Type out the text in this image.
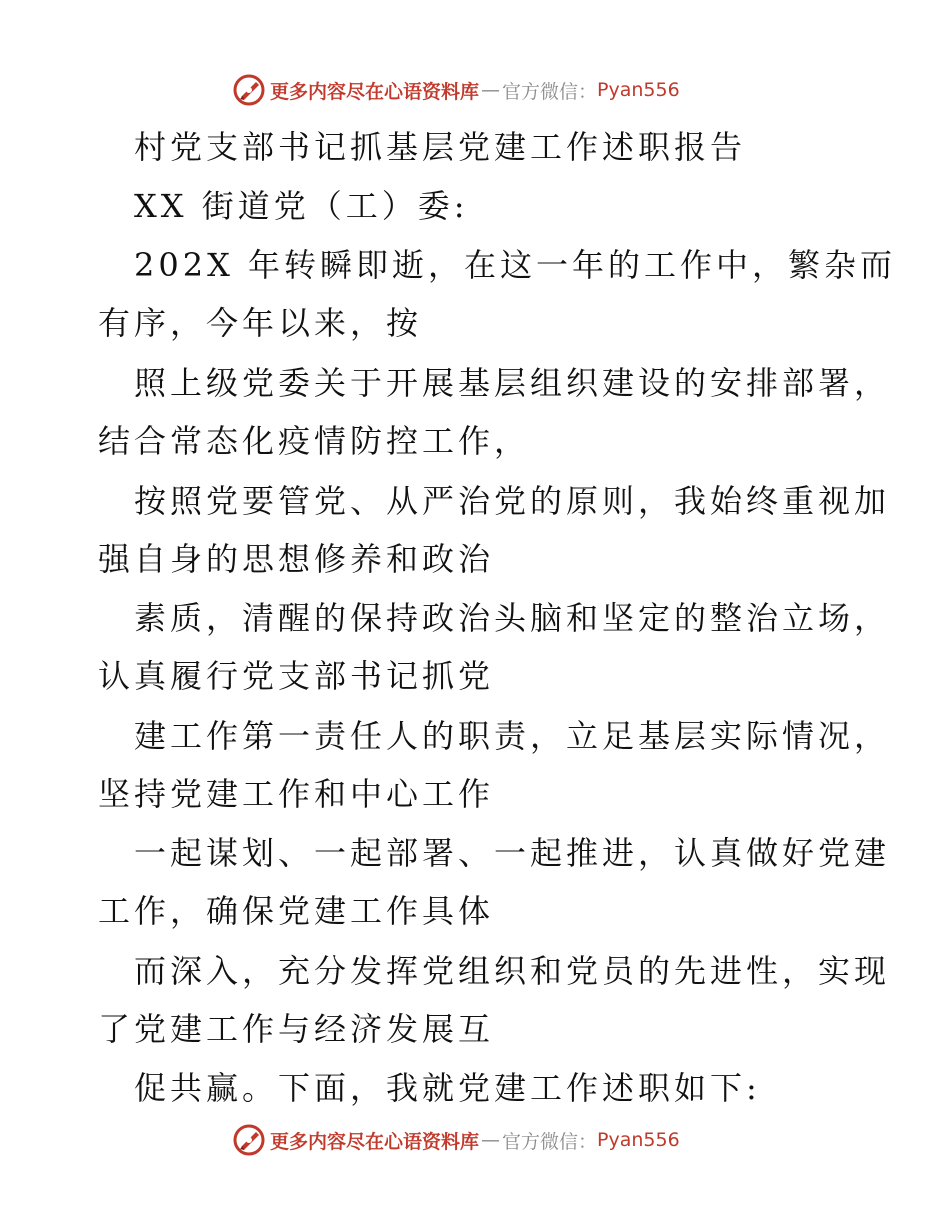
更多内容尽在心语资料库 — 官方微信： Pyan556
村党支部书记抓基层党建工作述职报告
XX 街道党（工）委:
202X 年转瞬即逝，在这一年的工作中，繁杂而
有序，今年以来，按
照上级党委关于开展基层组织建设的安排部署，
结合常态化疫情防控工作，
按照党要管党、从严治党的原则，我始终重视加
强自身的思想修养和政治
素质，清醒的保持政治头脑和坚定的整治立场，
认真履行党支部书记抓党
建工作第一责任人的职责，立足基层实际情况，
坚持党建工作和中心工作
一起谋划、一起部署、一起推进，认真做好党建
工作，确保党建工作具体
而深入，充分发挥党组织和党员的先进性，实现
了党建工作与经济发展互
促共赢。下面，我就党建工作述职如下:
更多内容尽在心语资料库 — 官方微信： Pyan556
